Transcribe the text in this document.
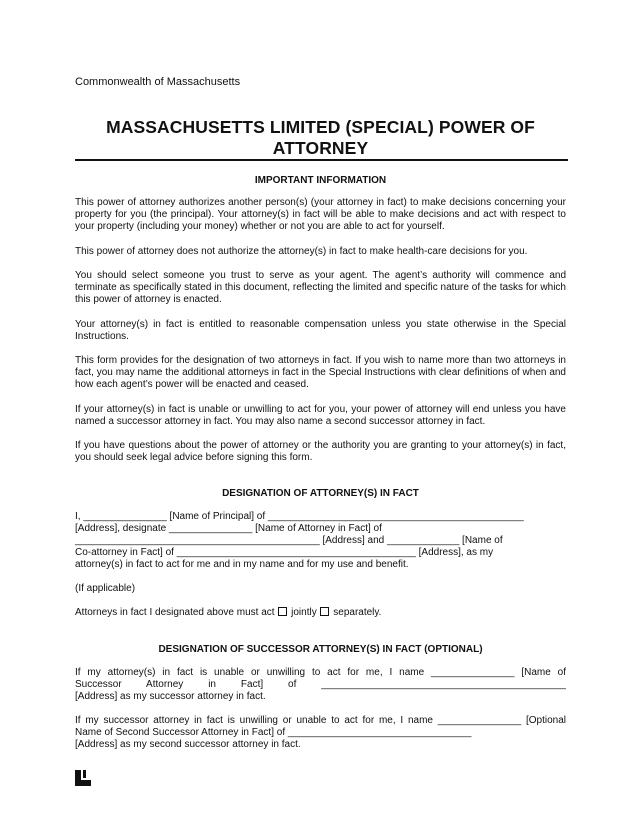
Commonwealth of Massachusetts
MASSACHUSETTS LIMITED (SPECIAL) POWER OF
ATTORNEY
IMPORTANT INFORMATION
This power of attorney authorizes another person(s) (your attorney in fact) to make decisions concerning your property for you (the principal). Your attorney(s) in fact will be able to make decisions and act with respect to your property (including your money) whether or not you are able to act for yourself.
This power of attorney does not authorize the attorney(s) in fact to make health-care decisions for you.
You should select someone you trust to serve as your agent. The agent’s authority will commence and terminate as specifically stated in this document, reflecting the limited and specific nature of the tasks for which this power of attorney is enacted.
Your attorney(s) in fact is entitled to reasonable compensation unless you state otherwise in the Special Instructions.
This form provides for the designation of two attorneys in fact. If you wish to name more than two attorneys in fact, you may name the additional attorneys in fact in the Special Instructions with clear definitions of when and how each agent’s power will be enacted and ceased.
If your attorney(s) in fact is unable or unwilling to act for you, your power of attorney will end unless you have named a successor attorney in fact. You may also name a second successor attorney in fact.
If you have questions about the power of attorney or the authority you are granting to your attorney(s) in fact, you should seek legal advice before signing this form.
DESIGNATION OF ATTORNEY(S) IN FACT
I, _______________ [Name of Principal] of ______________________________________________
[Address], designate _______________ [Name of Attorney in Fact] of
____________________________________________ [Address] and _____________ [Name of
Co-attorney in Fact] of ___________________________________________ [Address], as my
attorney(s) in fact to act for me and in my name and for my use and benefit.
(If applicable)
Attorneys in fact I designated above must act jointly separately.
DESIGNATION OF SUCCESSOR ATTORNEY(S) IN FACT (OPTIONAL)
If my attorney(s) in fact is unable or unwilling to act for me, I name _______________ [Name of
Successor Attorney in Fact] of ____________________________________________
[Address] as my successor attorney in fact.
If my successor attorney in fact is unwilling or unable to act for me, I name _______________ [Optional
Name of Second Successor Attorney in Fact] of _________________________________
[Address] as my second successor attorney in fact.
